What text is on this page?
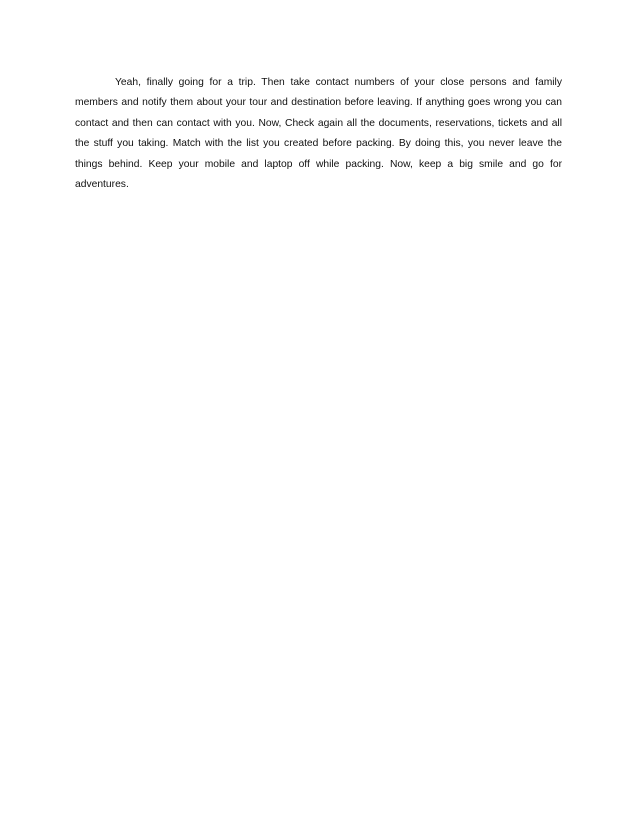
Yeah, finally going for a trip. Then take contact numbers of your close persons and family members and notify them about your tour and destination before leaving. If anything goes wrong you can contact and then can contact with you. Now, Check again all the documents, reservations, tickets and all the stuff you taking. Match with the list you created before packing. By doing this, you never leave the things behind. Keep your mobile and laptop off while packing. Now, keep a big smile and go for adventures.
